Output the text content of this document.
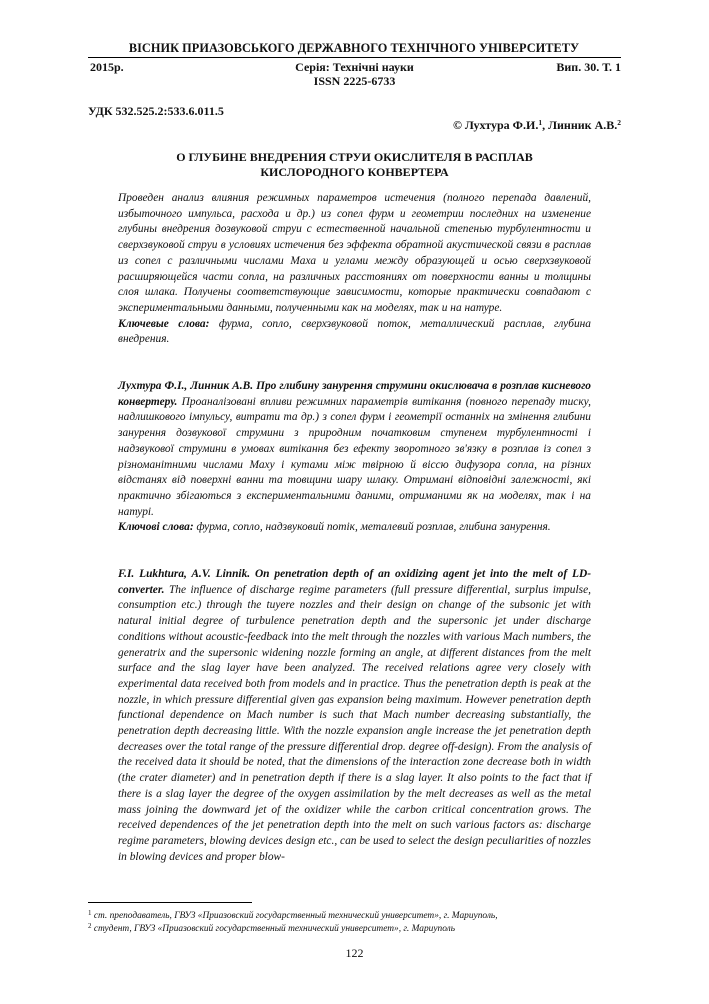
ВІСНИК ПРИАЗОВСЬКОГО ДЕРЖАВНОГО ТЕХНІЧНОГО УНІВЕРСИТЕТУ
2015р.	Серія: Технічні науки	Вип. 30. Т. 1
ISSN 2225-6733
УДК 532.525.2:533.6.011.5
© Лухтура Ф.И.$^1$, Линник А.В.$^2$
О ГЛУБИНЕ ВНЕДРЕНИЯ СТРУИ ОКИСЛИТЕЛЯ В РАСПЛАВ
КИСЛОРОДНОГО КОНВЕРТЕРА

Проведен анализ влияния режимных параметров истечения (полного перепада давлений, избыточного импульса, расхода и др.) из сопел фурм и геометрии последних на изменение глубины внедрения дозвуковой струи с естественной начальной степенью турбулентности и сверхзвуковой струи в условиях истечения без эффекта обратной акустической связи в расплав из сопел с различными числами Маха и углами между образующей и осью сверхзвуковой расширяющейся части сопла, на различных расстояниях от поверхности ванны и толщины слоя шлака. Получены соответствующие зависимости, которые практически совпадают с экспериментальными данными, полученными как на моделях, так и на натуре.

Ключевые слова: фурма, сопло, сверхзвуковой поток, металлический расплав, глубина внедрения.

Лухтура Ф.І., Линник А.В. Про глибину занурення струмини окислювача в розплав кисневого конвертеру. Проаналізовані впливи режимних параметрів витікання (повного перепаду тиску, надлишкового імпульсу, витрати та др.) з сопел фурм і геометрії останніх на змінення глибини занурення дозвукової струмини з природним початковим ступенем турбулентності і надзвукової струмини в умовах витікання без ефекту зворотного зв'язку в розплав із сопел з різноманітними числами Маху і кутами між твірною й віссю дифузора сопла, на різних відстанях від поверхні ванни та товщини шару шлаку. Отримані відповідні залежності, які практично збігаються з експериментальними даними, отриманими як на моделях, так і на натурі.

Ключові слова: фурма, сопло, надзвуковий потік, металевий розплав, глибина занурення.

F.I. Lukhtura, A.V. Linnik. On penetration depth of an oxidizing agent jet into the melt of LD-converter. The influence of discharge regime parameters (full pressure differential, surplus impulse, consumption etc.) through the tuyere nozzles and their design on change of the subsonic jet with natural initial degree of turbulence penetration depth and the supersonic jet under discharge conditions without acoustic-feedback into the melt through the nozzles with various Mach numbers, the generatrix and the supersonic widening nozzle forming an angle, at different distances from the melt surface and the slag layer have been analyzed. The received relations agree very closely with experimental data received both from models and in practice. Thus the penetration depth is peak at the nozzle, in which pressure differential given gas expansion being maximum. However penetration depth functional dependence on Mach number is such that Mach number decreasing substantially, the penetration depth decreasing little. With the nozzle expansion angle increase the jet penetration depth decreases over the total range of the pressure differential drop. degree off-design). From the analysis of the received data it should be noted, that the dimensions of the interaction zone decrease both in width (the crater diameter) and in penetration depth if there is a slag layer. It also points to the fact that if there is a slag layer the degree of the oxygen assimilation by the melt decreases as well as the metal mass joining the downward jet of the oxidizer while the carbon critical concentration grows. The received dependences of the jet penetration depth into the melt on such various factors as: discharge regime parameters, blowing devices design etc., can be used to select the design peculiarities of nozzles in blowing devices and proper blow-

$^1$ ст. преподаватель, ГВУЗ «Приазовский государственный технический университет», г. Мариуполь,
$^2$ студент, ГВУЗ «Приазовский государственный технический университет», г. Мариуполь
122
